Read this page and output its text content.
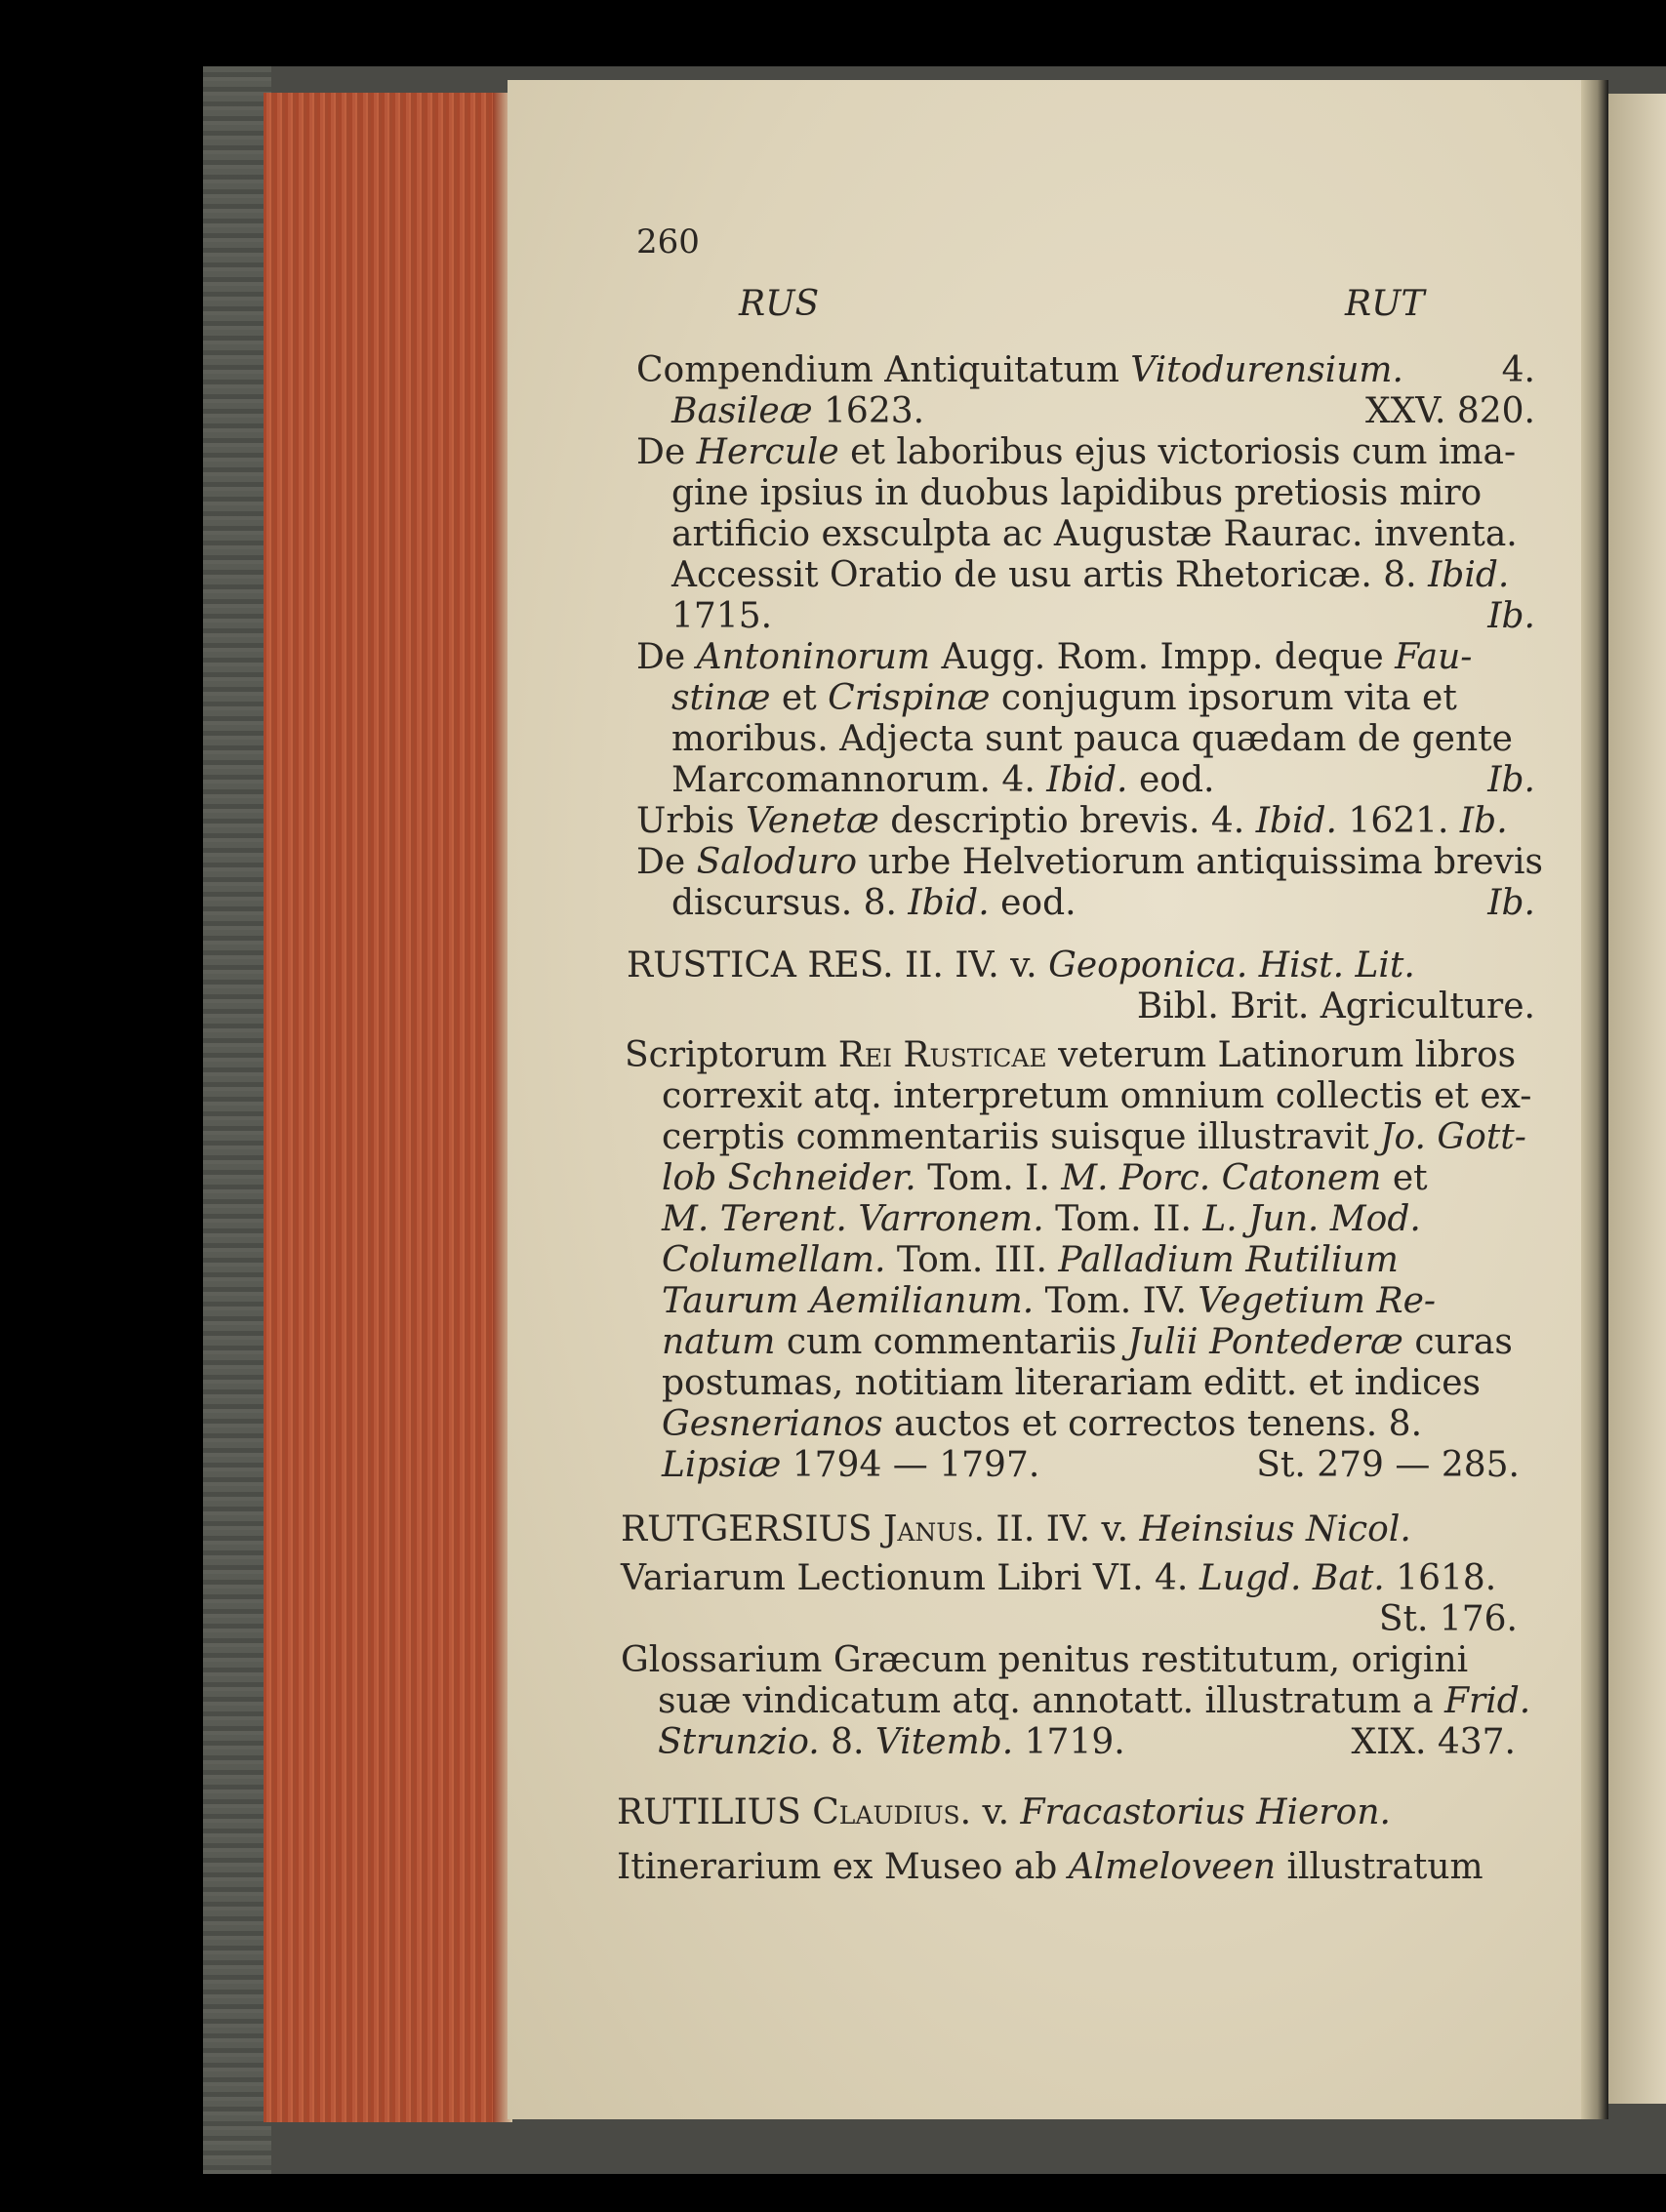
260
RUS	RUT
Compendium Antiquitatum Vitodurensium.	4.
Basileæ 1623.	XXV. 820.
De Hercule et laboribus ejus victoriosis cum ima-
gine ipsius in duobus lapidibus pretiosis miro
artificio exsculpta ac Augustæ Raurac. inventa.
Accessit Oratio de usu artis Rhetoricæ. 8. Ibid.
1715.	Ib.
De Antoninorum Augg. Rom. Impp. deque Fau-
stinæ et Crispinæ conjugum ipsorum vita et
moribus. Adjecta sunt pauca quædam de gente
Marcomannorum. 4. Ibid. eod.	Ib.
Urbis Venetæ descriptio brevis. 4. Ibid. 1621. Ib.
De Saloduro urbe Helvetiorum antiquissima brevis
discursus. 8. Ibid. eod.	Ib.
RUSTICA RES. II. IV. v. Geoponica. Hist. Lit.
Bibl. Brit. Agriculture.
Scriptorum Rei Rusticae veterum Latinorum libros
correxit atq. interpretum omnium collectis et ex-
cerptis commentariis suisque illustravit Jo. Gott-
lob Schneider. Tom. I. M. Porc. Catonem et
M. Terent. Varronem. Tom. II. L. Jun. Mod.
Columellam. Tom. III. Palladium Rutilium
Taurum Aemilianum. Tom. IV. Vegetium Re-
natum cum commentariis Julii Pontederæ curas
postumas, notitiam literariam editt. et indices
Gesnerianos auctos et correctos tenens. 8.
Lipsiæ 1794 — 1797.	St. 279 — 285.
RUTGERSIUS Janus. II. IV. v. Heinsius Nicol.
Variarum Lectionum Libri VI. 4. Lugd. Bat. 1618.
St. 176.
Glossarium Græcum penitus restitutum, origini
suæ vindicatum atq. annotatt. illustratum a Frid.
Strunzio. 8. Vitemb. 1719.	XIX. 437.
RUTILIUS Claudius. v. Fracastorius Hieron.
Itinerarium ex Museo ab Almeloveen illustratum
